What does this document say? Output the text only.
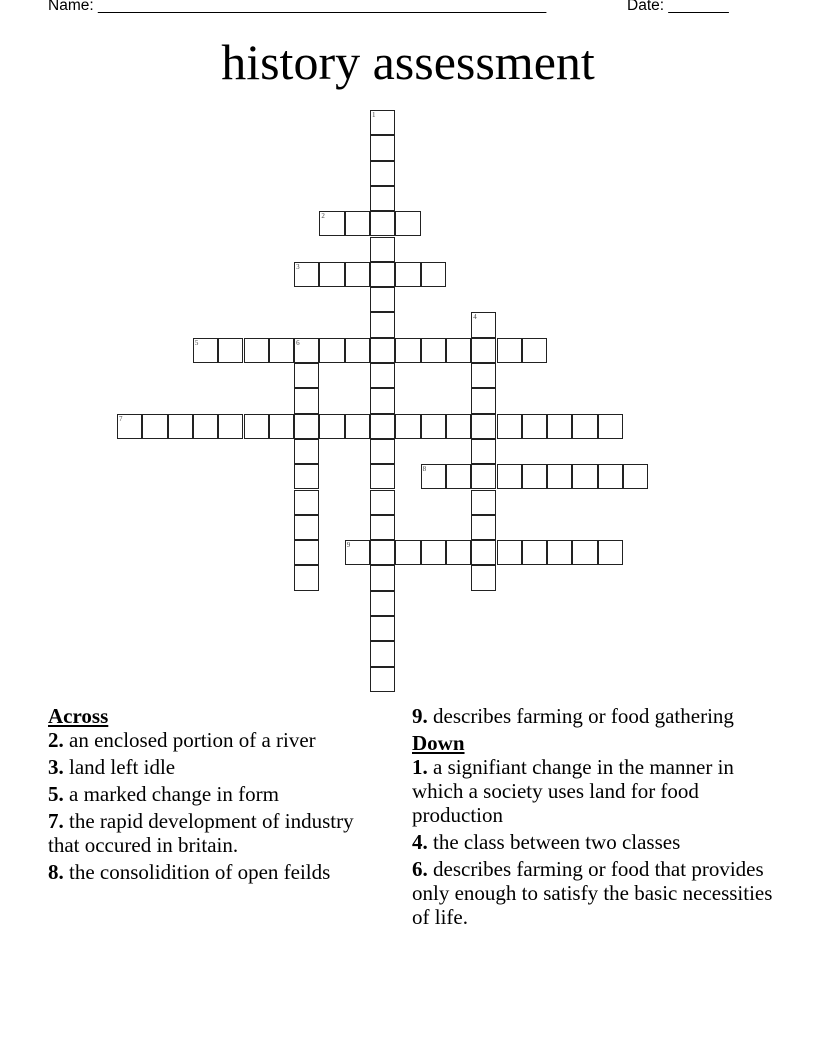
Name: ____________________________________________________	Date: _______
history assessment
1
2
3
4
5	6
7
8
9

Across

2. an enclosed portion of a river

3. land left idle

5. a marked change in form

7. the rapid development of industry that occured in britain.

8. the consolidition of open feilds

9. describes farming or food gathering

Down

1. a signifiant change in the manner in which a society uses land for food production

4. the class between two classes

6. describes farming or food that provides only enough to satisfy the basic necessities of life.
